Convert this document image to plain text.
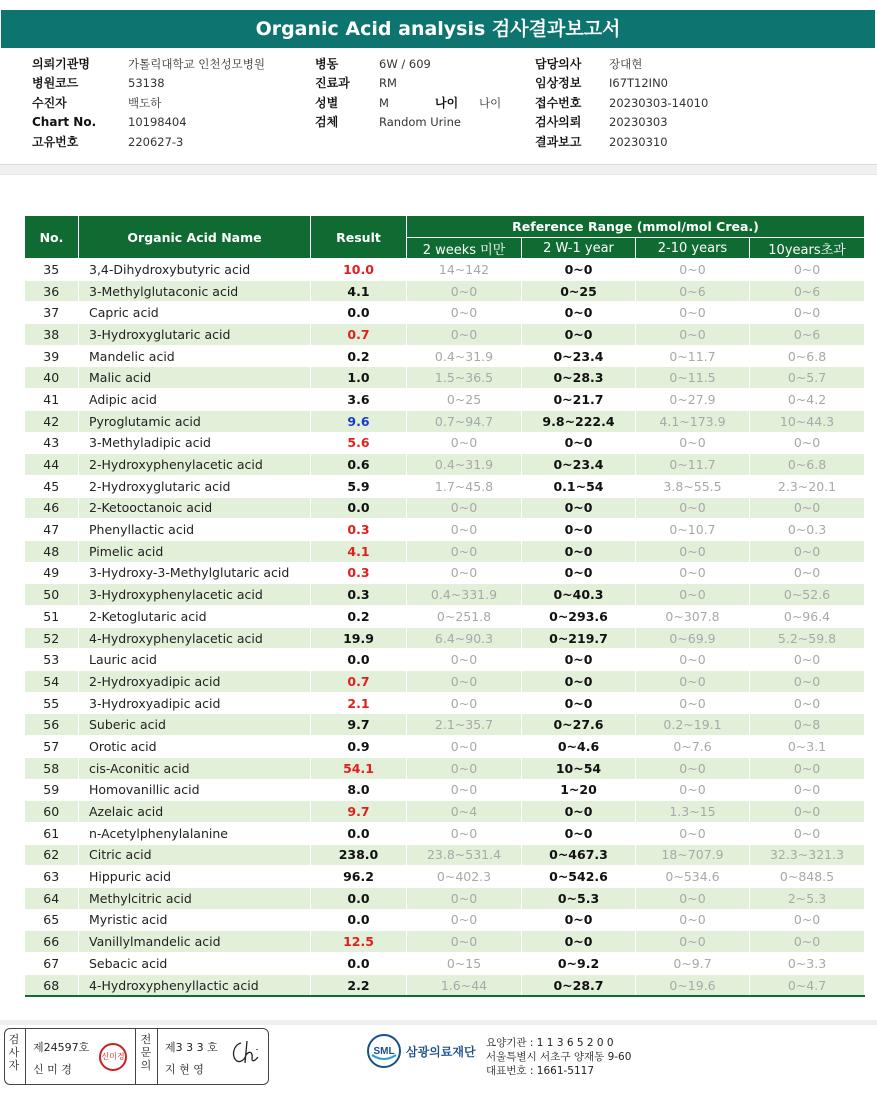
Organic Acid analysis 검사결과보고서
의뢰기관명	가톨릭대학교 인천성모병원
병원코드	53138
수진자	백도하
Chart No.	10198404
고유번호	220627-3
병동	6W / 609
진료과	RM
성별	M	나이 나이
검체	Random Urine
담당의사 장대현
임상정보 I67T12IN0
접수번호 20230303-14010
검사의뢰 20230303
결과보고 20230310
No.	Organic Acid Name	Result	Reference Range (mmol/mol Crea.)			
			2 weeks 미만	2 W-1 year	2-10 years	10years초과
35	3,4-Dihydroxybutyric acid	10.0	14~142	0~0	0~0	0~0
36	3-Methylglutaconic acid	4.1	0~0	0~25	0~6	0~6
37	Capric acid	0.0	0~0	0~0	0~0	0~0
38	3-Hydroxyglutaric acid	0.7	0~0	0~0	0~0	0~6
39	Mandelic acid	0.2	0.4~31.9	0~23.4	0~11.7	0~6.8
40	Malic acid	1.0	1.5~36.5	0~28.3	0~11.5	0~5.7
41	Adipic acid	3.6	0~25	0~21.7	0~27.9	0~4.2
42	Pyroglutamic acid	9.6	0.7~94.7	9.8~222.4	4.1~173.9	10~44.3
43	3-Methyladipic acid	5.6	0~0	0~0	0~0	0~0
44	2-Hydroxyphenylacetic acid	0.6	0.4~31.9	0~23.4	0~11.7	0~6.8
45	2-Hydroxyglutaric acid	5.9	1.7~45.8	0.1~54	3.8~55.5	2.3~20.1
46	2-Ketooctanoic acid	0.0	0~0	0~0	0~0	0~0
47	Phenyllactic acid	0.3	0~0	0~0	0~10.7	0~0.3
48	Pimelic acid	4.1	0~0	0~0	0~0	0~0
49	3-Hydroxy-3-Methylglutaric acid	0.3	0~0	0~0	0~0	0~0
50	3-Hydroxyphenylacetic acid	0.3	0.4~331.9	0~40.3	0~0	0~52.6
51	2-Ketoglutaric acid	0.2	0~251.8	0~293.6	0~307.8	0~96.4
52	4-Hydroxyphenylacetic acid	19.9	6.4~90.3	0~219.7	0~69.9	5.2~59.8
53	Lauric acid	0.0	0~0	0~0	0~0	0~0
54	2-Hydroxyadipic acid	0.7	0~0	0~0	0~0	0~0
55	3-Hydroxyadipic acid	2.1	0~0	0~0	0~0	0~0
56	Suberic acid	9.7	2.1~35.7	0~27.6	0.2~19.1	0~8
57	Orotic acid	0.9	0~0	0~4.6	0~7.6	0~3.1
58	cis-Aconitic acid	54.1	0~0	10~54	0~0	0~0
59	Homovanillic acid	8.0	0~0	1~20	0~0	0~0
60	Azelaic acid	9.7	0~4	0~0	1.3~15	0~0
61	n-Acetylphenylalanine	0.0	0~0	0~0	0~0	0~0
62	Citric acid	238.0	23.8~531.4	0~467.3	18~707.9	32.3~321.3
63	Hippuric acid	96.2	0~402.3	0~542.6	0~534.6	0~848.5
64	Methylcitric acid	0.0	0~0	0~5.3	0~0	2~5.3
65	Myristic acid	0.0	0~0	0~0	0~0	0~0
66	Vanillylmandelic acid	12.5	0~0	0~0	0~0	0~0
67	Sebacic acid	0.0	0~15	0~9.2	0~9.7	0~3.3
68	4-Hydroxyphenyllactic acid	2.2	1.6~44	0~28.7	0~19.6	0~4.7
검
사
자
제24597호
신 미 경
신미경
전
문
의
제3 3 3 호
지 현 영
SML 삼광의료재단
요양기관 : 1 1 3 6 5 2 0 0
서울특별시 서초구 양재동 9-60
대표번호 : 1661-5117
